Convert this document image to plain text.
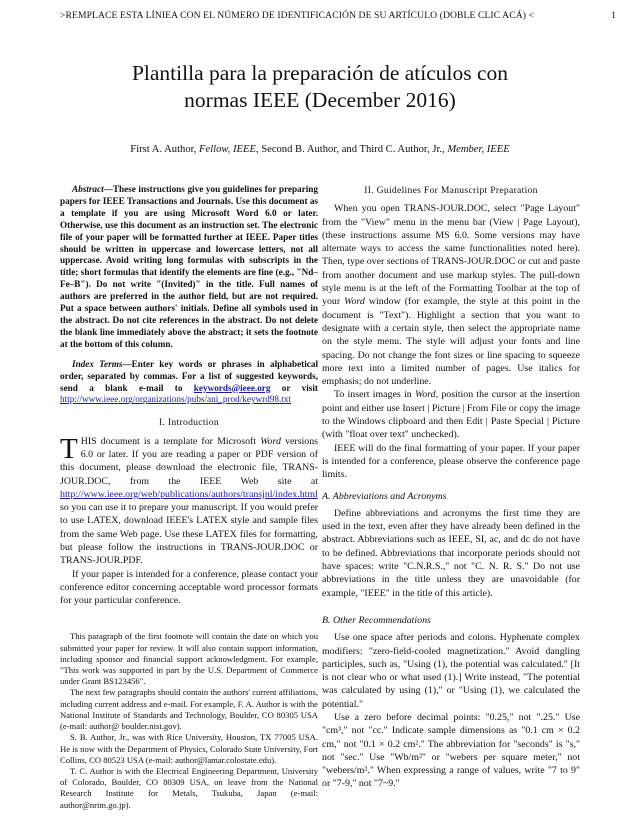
>REMPLACE ESTA LÍNIEA CON EL NÚMERO DE IDENTIFICACIÓN DE SU ARTÍCULO (DOBLE CLIC ACÁ) <	1
Plantilla para la preparación de atículos con
normas IEEE (December 2016)
First A. Author, Fellow, IEEE, Second B. Author, and Third C. Author, Jr., Member, IEEE

Abstract—These instructions give you guidelines for preparing papers for IEEE Transactions and Journals. Use this document as a template if you are using Microsoft Word 6.0 or later. Otherwise, use this document as an instruction set. The electronic file of your paper will be formatted further at IEEE. Paper titles should be written in uppercase and lowercase letters, not all uppercase. Avoid writing long formulas with subscripts in the title; short formulas that identify the elements are fine (e.g., "Nd–Fe–B"). Do not write "(Invited)" in the title. Full names of authors are preferred in the author field, but are not required. Put a space between authors' initials. Define all symbols used in the abstract. Do not cite references in the abstract. Do not delete the blank line immediately above the abstract; it sets the footnote at the bottom of this column.

Index Terms—Enter key words or phrases in alphabetical order, separated by commas. For a list of suggested keywords, send a blank e-mail to keywords@ieee.org or visit http://www.ieee.org/organizations/pubs/ani_prod/keywrd98.txt

I. Introduction

THIS document is a template for Microsoft Word versions 6.0 or later. If you are reading a paper or PDF version of this document, please download the electronic file, TRANS-JOUR.DOC, from the IEEE Web site at http://www.ieee.org/web/publications/authors/transjnl/index.html so you can use it to prepare your manuscript. If you would prefer to use LATEX, download IEEE's LATEX style and sample files from the same Web page. Use these LATEX files for formatting, but please follow the instructions in TRANS-JOUR.DOC or TRANS-JOUR.PDF.

If your paper is intended for a conference, please contact your conference editor concerning acceptable word processor formats for your particular conference.

This paragraph of the first footnote will contain the date on which you submitted your paper for review. It will also contain support information, including sponsor and financial support acknowledgment. For example, "This work was supported in part by the U.S. Department of Commerce under Grant BS123456".

The next few paragraphs should contain the authors' current affiliations, including current address and e-mail. For example, F. A. Author is with the National Institute of Standards and Technology, Boulder, CO 80305 USA (e-mail: author@ boulder.nist.gov).

S. B. Author, Jr., was with Rice University, Houston, TX 77005 USA. He is now with the Department of Physics, Colorado State University, Fort Collins, CO 80523 USA (e-mail: author@lamar.colostate.edu).

T. C. Author is with the Electrical Engineering Department, University of Colorado, Boulder, CO 80309 USA, on leave from the National Research Institute for Metals, Tsukuba, Japan (e-mail: author@nrim.go.jp).

II. Guidelines For Manuscript Preparation

When you open TRANS-JOUR.DOC, select "Page Layout" from the "View" menu in the menu bar (View | Page Layout), (these instructions assume MS 6.0. Some versions may have alternate ways to access the same functionalities noted here). Then, type over sections of TRANS-JOUR.DOC or cut and paste from another document and use markup styles. The pull-down style menu is at the left of the Formatting Toolbar at the top of your Word window (for example, the style at this point in the document is "Text"). Highlight a section that you want to designate with a certain style, then select the appropriate name on the style menu. The style will adjust your fonts and line spacing. Do not change the font sizes or line spacing to squeeze more text into a limited number of pages. Use italics for emphasis; do not underline.

To insert images in Word, position the cursor at the insertion point and either use Insert | Picture | From File or copy the image to the Windows clipboard and then Edit | Paste Special | Picture (with "float over text" unchecked).

IEEE will do the final formatting of your paper. If your paper is intended for a conference, please observe the conference page limits.

A. Abbreviations and Acronyms

Define abbreviations and acronyms the first time they are used in the text, even after they have already been defined in the abstract. Abbreviations such as IEEE, SI, ac, and dc do not have to be defined. Abbreviations that incorporate periods should not have spaces: write "C.N.R.S.," not "C. N. R. S." Do not use abbreviations in the title unless they are unavoidable (for example, "IEEE" in the title of this article).

B. Other Recommendations

Use one space after periods and colons. Hyphenate complex modifiers: "zero-field-cooled magnetization." Avoid dangling participles, such as, "Using (1), the potential was calculated." [It is not clear who or what used (1).] Write instead, "The potential was calculated by using (1)," or "Using (1), we calculated the potential."

Use a zero before decimal points: "0.25," not ".25." Use "cm³," not "cc." Indicate sample dimensions as "0.1 cm × 0.2 cm," not "0.1 × 0.2 cm²." The abbreviation for "seconds" is "s," not "sec." Use "Wb/m²" or "webers per square meter," not "webers/m²." When expressing a range of values, write "7 to 9" or "7-9," not "7~9."
